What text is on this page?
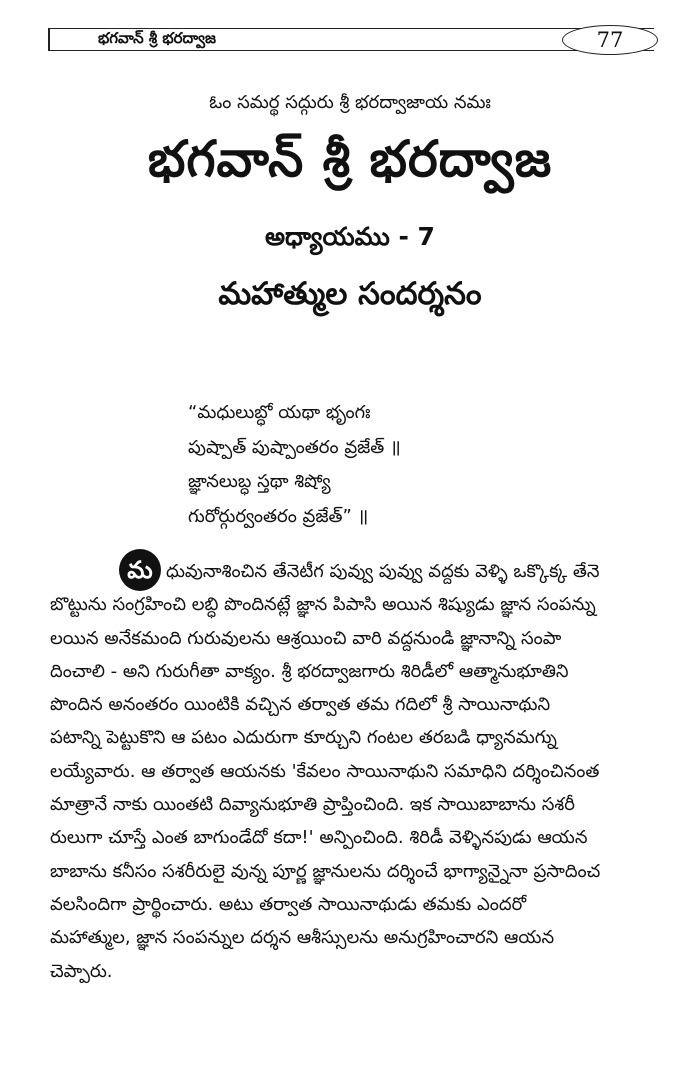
భగవాన్ శ్రీ భరద్వాజ	77
ఓం సమర్థ సద్గురు శ్రీ భరద్వాజాయ నమః
భగవాన్ శ్రీ భరద్వాజ
అధ్యాయము - 7
మహాత్ముల సందర్శనం
“మధులుబ్ధో యథా భృంగః
పుష్పాత్ పుష్పాంతరం వ్రజేత్ ॥
జ్ఞానలుబ్ధ స్తథా శిష్యో
గురోర్గుర్వంతరం వ్రజేత్” ॥
మ ధువునాశించిన తేనెటీగ పువ్వు పువ్వు వద్దకు వెళ్ళి ఒక్కొక్క తేనె
బొట్టును సంగ్రహించి లబ్ధి పొందినట్లే జ్ఞాన పిపాసి అయిన శిష్యుడు జ్ఞాన సంపన్ను
లయిన అనేకమంది గురువులను ఆశ్రయించి వారి వద్దనుండి జ్ఞానాన్ని సంపా
దించాలి - అని గురుగీతా వాక్యం. శ్రీ భరద్వాజగారు శిరిడీలో ఆత్మానుభూతిని
పొందిన అనంతరం యింటికి వచ్చిన తర్వాత తమ గదిలో శ్రీ సాయినాథుని
పటాన్ని పెట్టుకొని ఆ పటం ఎదురుగా కూర్చుని గంటల తరబడి ధ్యానమగ్ను
లయ్యేవారు. ఆ తర్వాత ఆయనకు 'కేవలం సాయినాథుని సమాధిని దర్శించినంత
మాత్రానే నాకు యింతటి దివ్యానుభూతి ప్రాప్తించింది. ఇక సాయిబాబాను సశరీ
రులుగా చూస్తే ఎంత బాగుండేదో కదా!' అన్పించింది. శిరిడీ వెళ్ళినపుడు ఆయన
బాబాను కనీసం సశరీరులై వున్న పూర్ణ జ్ఞానులను దర్శించే భాగ్యాన్నైనా ప్రసాదించ
వలసిందిగా ప్రార్థించారు. అటు తర్వాత సాయినాథుడు తమకు ఎందరో
మహాత్ముల, జ్ఞాన సంపన్నుల దర్శన ఆశీస్సులను అనుగ్రహించారని ఆయన
చెప్పారు.
